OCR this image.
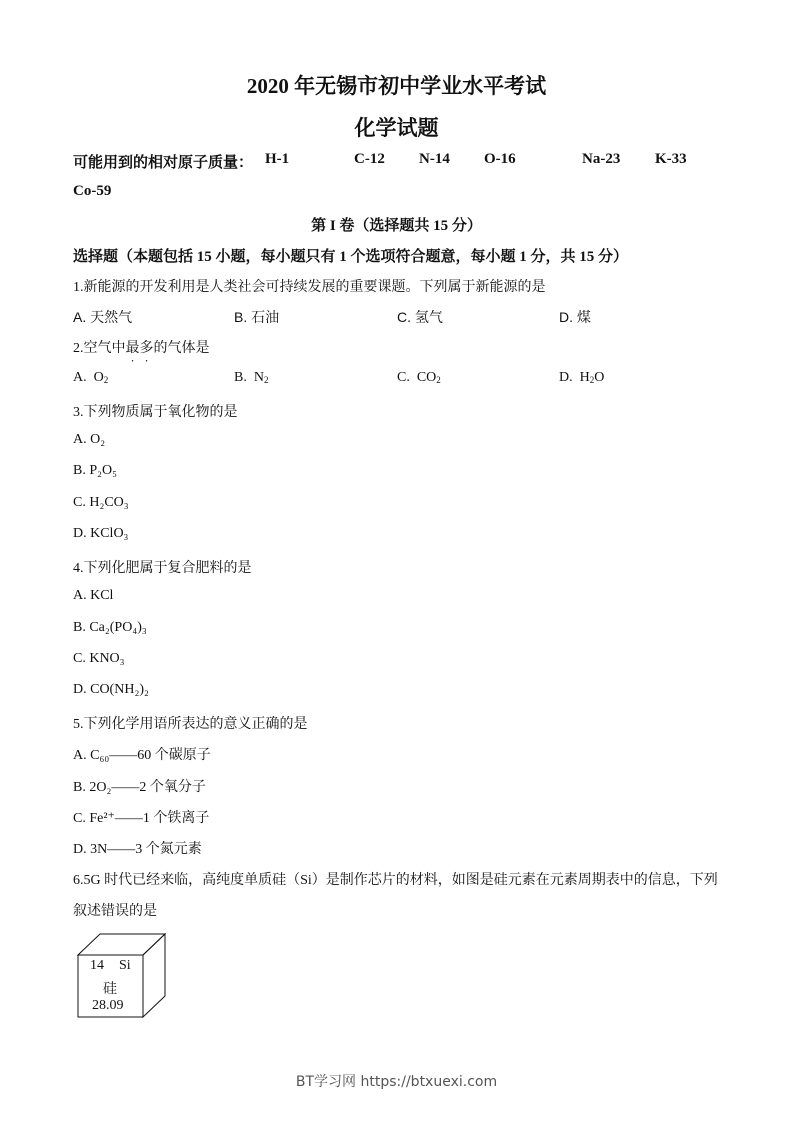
2020 年无锡市初中学业水平考试
化学试题
可能用到的相对原子质量： H-1	C-12 N-14 O-16	Na-23 K-33
Co-59
第 I 卷（选择题共 15 分）
选择题（本题包括 15 小题，每小题只有 1 个选项符合题意，每小题 1 分，共 15 分）
1.新能源的开发利用是人类社会可持续发展的重要课题。下列属于新能源的是
A. 天然气	B. 石油	C. 氢气	D. 煤
2.空气中最多的气体是
A. $O_2$	B. $N_2$	C. $CO_2$	D. $H_2O$
3.下列物质属于氧化物的是
A. O₂
B. P₂O₅
C. H₂CO₃
D. KClO₃
4.下列化肥属于复合肥料的是
A. KCl
B. Ca₂(PO₄)₃
C. KNO₃
D. CO(NH₂)₂
5.下列化学用语所表达的意义正确的是
A. C₆₀——60 个碳原子
B. 2O₂——2 个氧分子
C. Fe²⁺——1 个铁离子
D. 3N——3 个氮元素
6.5G 时代已经来临，高纯度单质硅（Si）是制作芯片的材料，如图是硅元素在元素周期表中的信息，下列
叙述错误的是
14 Si
硅
28.09
BT学习网 https://btxuexi.com
